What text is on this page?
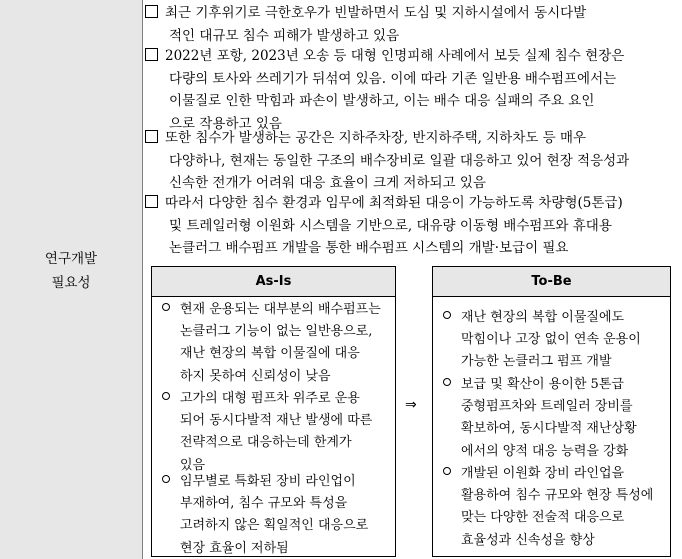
연구개발
필요성
최근 기후위기로 극한호우가 빈발하면서 도심 및 지하시설에서 동시다발
적인 대규모 침수 피해가 발생하고 있음
2022년 포항, 2023년 오송 등 대형 인명피해 사례에서 보듯 실제 침수 현장은
다량의 토사와 쓰레기가 뒤섞여 있음. 이에 따라 기존 일반용 배수펌프에서는
이물질로 인한 막힘과 파손이 발생하고, 이는 배수 대응 실패의 주요 요인
으로 작용하고 있음
또한 침수가 발생하는 공간은 지하주차장, 반지하주택, 지하차도 등 매우
다양하나, 현재는 동일한 구조의 배수장비로 일괄 대응하고 있어 현장 적응성과
신속한 전개가 어려워 대응 효율이 크게 저하되고 있음
따라서 다양한 침수 환경과 임무에 최적화된 대응이 가능하도록 차량형(5톤급)
및 트레일러형 이원화 시스템을 기반으로, 대유량 이동형 배수펌프와 휴대용
논클러그 배수펌프 개발을 통한 배수펌프 시스템의 개발·보급이 필요
As-Is
현재 운용되는 대부분의 배수펌프는
논클러그 기능이 없는 일반용으로,
재난 현장의 복합 이물질에 대응
하지 못하여 신뢰성이 낮음
고가의 대형 펌프차 위주로 운용
되어 동시다발적 재난 발생에 따른
전략적으로 대응하는데 한계가
있음
임무별로 특화된 장비 라인업이
부재하여, 침수 규모와 특성을
고려하지 않은 획일적인 대응으로
현장 효율이 저하됨
⇒
To-Be
재난 현장의 복합 이물질에도
막힘이나 고장 없이 연속 운용이
가능한 논클러그 펌프 개발
보급 및 확산이 용이한 5톤급
중형펌프차와 트레일러 장비를
확보하여, 동시다발적 재난상황
에서의 양적 대응 능력을 강화
개발된 이원화 장비 라인업을
활용하여 침수 규모와 현장 특성에
맞는 다양한 전술적 대응으로
효율성과 신속성을 향상
